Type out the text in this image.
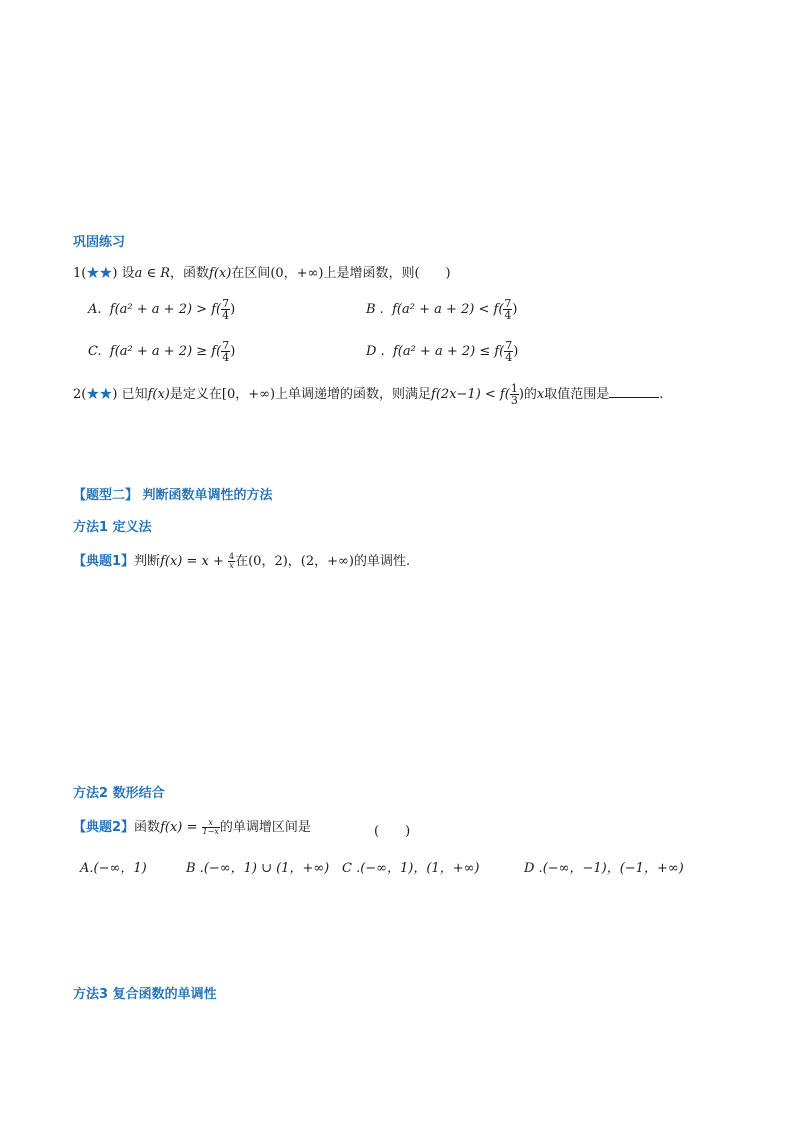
巩固练习
1(★★) 设a ∈ R，函数f(x)在区间(0，+∞)上是增函数，则(　　)
A. $f(a^2 + a + 2) > f( \frac{7}{4}$ )	B . $f(a^2 + a + 2) < f( \frac{7}{4}$ )
C. $f(a^2 + a + 2) \ge f( \frac{7}{4}$ )	D . $f(a^2 + a + 2) \le f( \frac{7}{4}$ )
2(★★) 已知f(x)是定义在[0，+∞)上单调递增的函数，则满足$f(2x-1) < f( \frac{1}{3}$ )的x取值范围是	.
【题型二】 判断函数单调性的方法
方法1 定义法
【典题1】判断$f(x) = x + \frac{4}{x}$ 在(0，2)，(2，+∞)的单调性.
方法2 数形结合
【典题2】函数$f(x) = \frac{x}{1-x}$ 的单调增区间是	(　　)
A.(−∞，1)	B .(−∞，1) ∪ (1，+∞) C .(−∞，1)，(1，+∞)	D .(−∞，−1)，(−1，+∞)
方法3 复合函数的单调性
